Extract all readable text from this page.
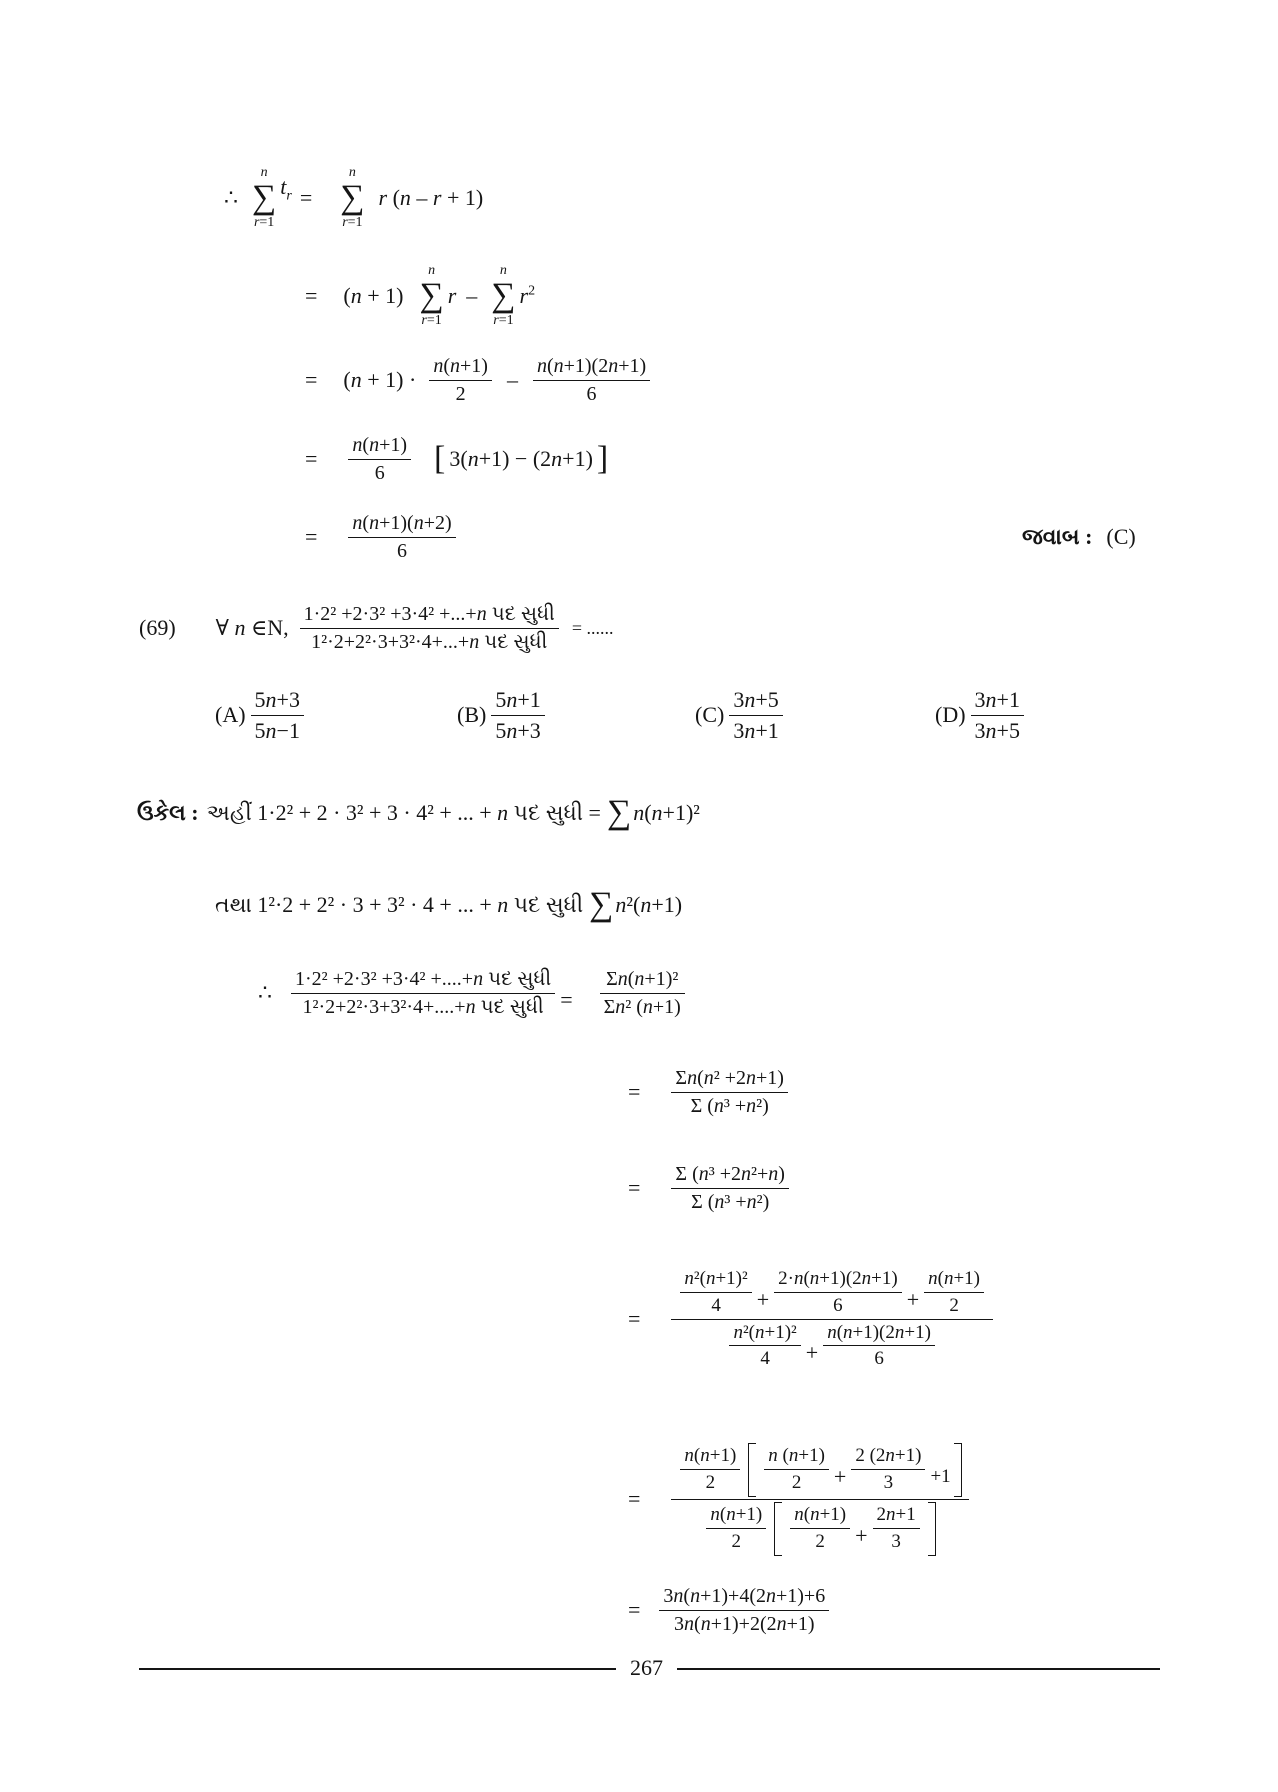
∴
n
∑
r=1
$t_r$ =
n
∑
r=1
r (n – r + 1)
= (n + 1)
n
∑
r=1
r –
n
∑
r=1
$r^2$
= $(n + 1) \cdot \frac{n(n+1)}{2} - \frac{n(n+1)(2n+1)}{6}$
= $\frac{n(n+1)}{6}$ [ 3(n+1) − (2n+1) ]
= $\frac{n(n+1)(n+2)}{6}$	જવાબ : (C)
(69) ∀ n ∈N, $\frac{\text{1·2² +2·3² +3·4² +...+n પદ સુધી}}{\text{1²·2+2²·3+3²·4+...+n પદ સુધી}}$ = ......
$(A) \frac{5n+3}{5n-1}$	$(B) \frac{5n+1}{5n+3}$	$(C) \frac{3n+5}{3n+1}$	$(D) \frac{3n+1}{3n+5}$
ઉકેલ : અહીં 1·2² + 2 · 3² + 3 · 4² + ... + n પદ સુધી = ∑ n(n+1)²
તથા 1²·2 + 2² · 3 + 3² · 4 + ... + n પદ સુધી ∑ n²(n+1)
∴ $\frac{\text{1·2² +2·3² +3·4² +....+n પદ સુધી}}{\text{1²·2+2²·3+3²·4+....+n પદ સુધી}} = \frac{\text{Σn(n+1)²}}{\text{Σn² (n+1)}}$
= $\frac{\text{Σn(n² +2n+1)}}{\text{Σ (n³ +n²)}}$
= $\frac{\text{Σ (n³ +2n²+n)}}{\text{Σ (n³ +n²)}}$
=
$\frac{\text{n²(n+1)²}}{4} + \frac{2\cdot n(n+1)(2n+1)}{6} + \frac{n(n+1)}{2}$
$\frac{\text{n²(n+1)²}}{4} + \frac{n(n+1)(2n+1)}{6}$
=
$\frac{n(n+1)}{2} \frac{n (n+1)}{2} + \frac{2 (2n+1)}{3} +1$
$\frac{n(n+1)}{2} \frac{n(n+1)}{2} + \frac{2n+1}{3}$
= $\frac{3n(n+1)+4(2n+1)+6}{3n(n+1)+2(2n+1)}$
267
